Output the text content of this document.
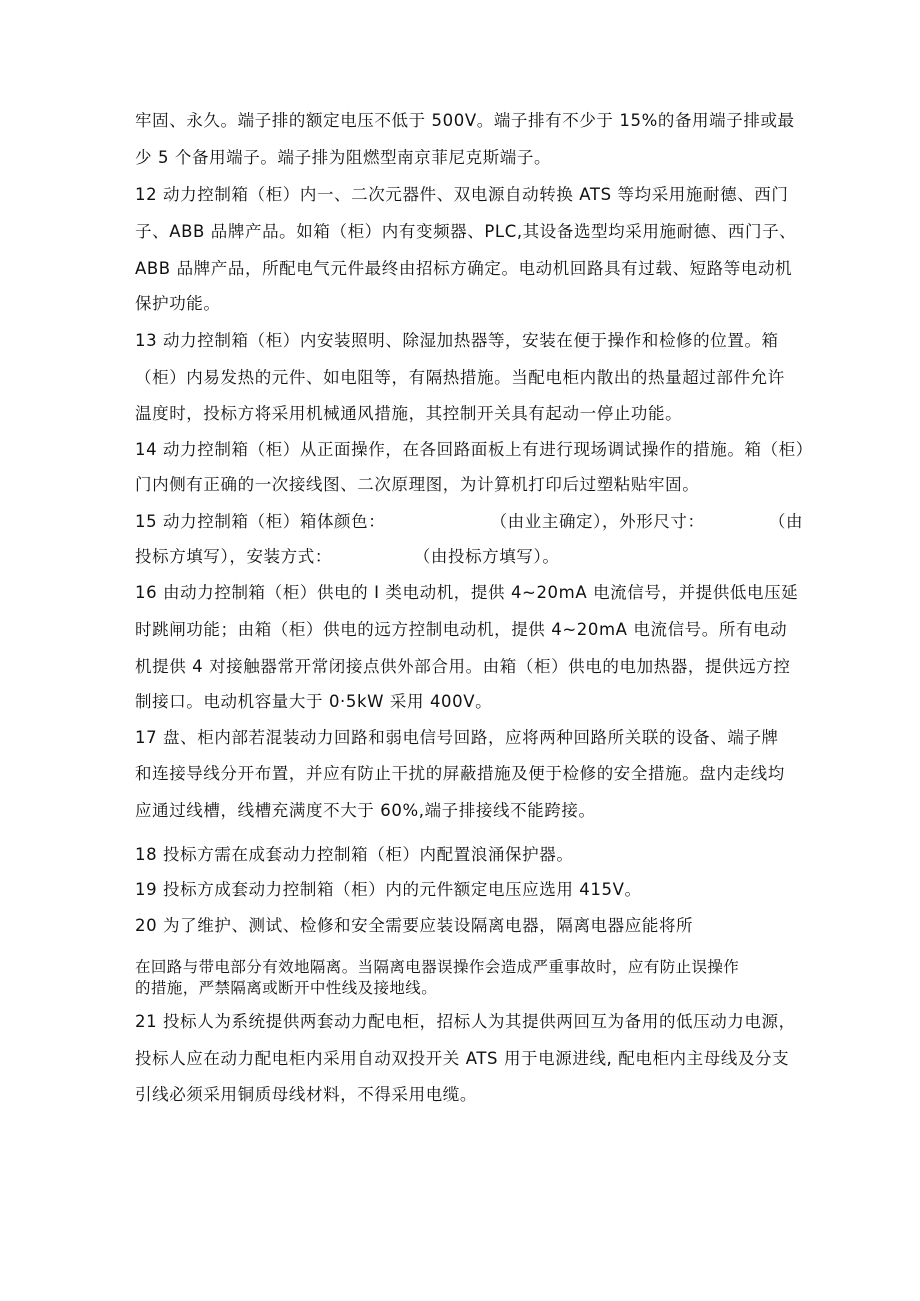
牢固、永久。端子排的额定电压不低于 500V。端子排有不少于 15%的备用端子排或最
少 5 个备用端子。端子排为阻燃型南京菲尼克斯端子。
12 动力控制箱（柜）内一、二次元器件、双电源自动转换 ATS 等均采用施耐德、西门
子、ABB 品牌产品。如箱（柜）内有变频器、PLC,其设备选型均采用施耐德、西门子、
ABB 品牌产品，所配电气元件最终由招标方确定。电动机回路具有过载、短路等电动机
保护功能。
13 动力控制箱（柜）内安装照明、除湿加热器等，安装在便于操作和检修的位置。箱
（柜）内易发热的元件、如电阻等，有隔热措施。当配电柜内散出的热量超过部件允许
温度时，投标方将采用机械通风措施，其控制开关具有起动一停止功能。
14 动力控制箱（柜）从正面操作，在各回路面板上有进行现场调试操作的措施。箱（柜）
门内侧有正确的一次接线图、二次原理图，为计算机打印后过塑粘贴牢固。
15 动力控制箱（柜）箱体颜色：                  （由业主确定），外形尺寸：           （由
投标方填写），安装方式：              （由投标方填写）。
16 由动力控制箱（柜）供电的 I 类电动机，提供 4~20mA 电流信号，并提供低电压延
时跳闸功能；由箱（柜）供电的远方控制电动机，提供 4~20mA 电流信号。所有电动
机提供 4 对接触器常开常闭接点供外部合用。由箱（柜）供电的电加热器，提供远方控
制接口。电动机容量大于 0·5kW 采用 400V。
17 盘、柜内部若混装动力回路和弱电信号回路，应将两种回路所关联的设备、端子牌
和连接导线分开布置，并应有防止干扰的屏蔽措施及便于检修的安全措施。盘内走线均
应通过线槽，线槽充满度不大于 60%,端子排接线不能跨接。
18 投标方需在成套动力控制箱（柜）内配置浪涌保护器。
19 投标方成套动力控制箱（柜）内的元件额定电压应选用 415V。
20 为了维护、测试、检修和安全需要应装设隔离电器，隔离电器应能将所
在回路与带电部分有效地隔离。当隔离电器误操作会造成严重事故时，应有防止误操作
的措施，严禁隔离或断开中性线及接地线。
21 投标人为系统提供两套动力配电柜，招标人为其提供两回互为备用的低压动力电源，
投标人应在动力配电柜内采用自动双投开关 ATS 用于电源进线, 配电柜内主母线及分支
引线必须采用铜质母线材料，不得采用电缆。
